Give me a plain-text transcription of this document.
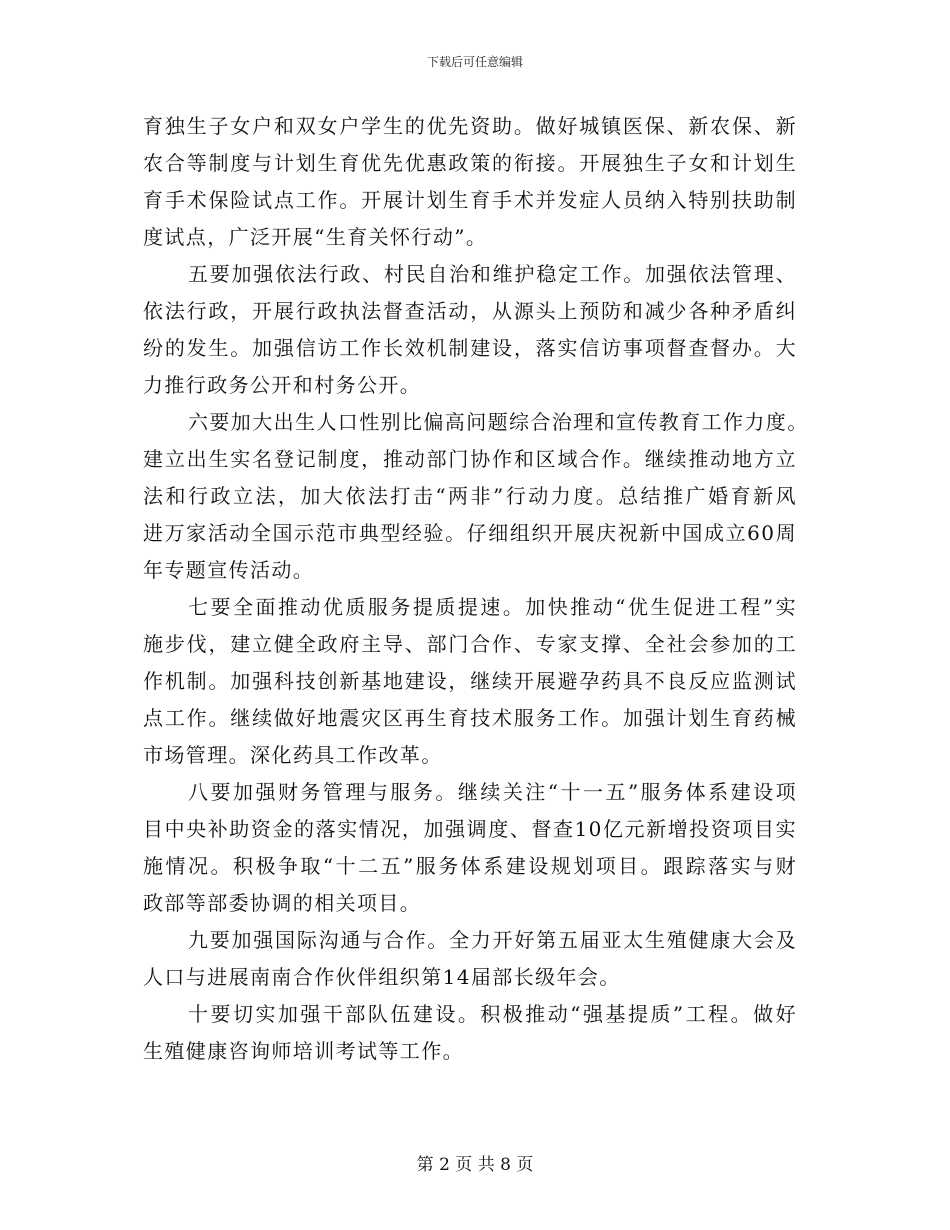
下载后可任意编辑
育独生子女户和双女户学生的优先资助。做好城镇医保、新农保、新
农合等制度与计划生育优先优惠政策的衔接。开展独生子女和计划生
育手术保险试点工作。开展计划生育手术并发症人员纳入特别扶助制
度试点，广泛开展“生育关怀行动”。
五要加强依法行政、村民自治和维护稳定工作。加强依法管理、
依法行政，开展行政执法督查活动，从源头上预防和减少各种矛盾纠
纷的发生。加强信访工作长效机制建设，落实信访事项督查督办。大
力推行政务公开和村务公开。
六要加大出生人口性别比偏高问题综合治理和宣传教育工作力度。
建立出生实名登记制度，推动部门协作和区域合作。继续推动地方立
法和行政立法，加大依法打击“两非”行动力度。总结推广婚育新风
进万家活动全国示范市典型经验。仔细组织开展庆祝新中国成立60周
年专题宣传活动。
七要全面推动优质服务提质提速。加快推动“优生促进工程”实
施步伐，建立健全政府主导、部门合作、专家支撑、全社会参加的工
作机制。加强科技创新基地建设，继续开展避孕药具不良反应监测试
点工作。继续做好地震灾区再生育技术服务工作。加强计划生育药械
市场管理。深化药具工作改革。
八要加强财务管理与服务。继续关注“十一五”服务体系建设项
目中央补助资金的落实情况，加强调度、督查10亿元新增投资项目实
施情况。积极争取“十二五”服务体系建设规划项目。跟踪落实与财
政部等部委协调的相关项目。
九要加强国际沟通与合作。全力开好第五届亚太生殖健康大会及
人口与进展南南合作伙伴组织第14届部长级年会。
十要切实加强干部队伍建设。积极推动“强基提质”工程。做好
生殖健康咨询师培训考试等工作。
第 2 页 共 8 页
